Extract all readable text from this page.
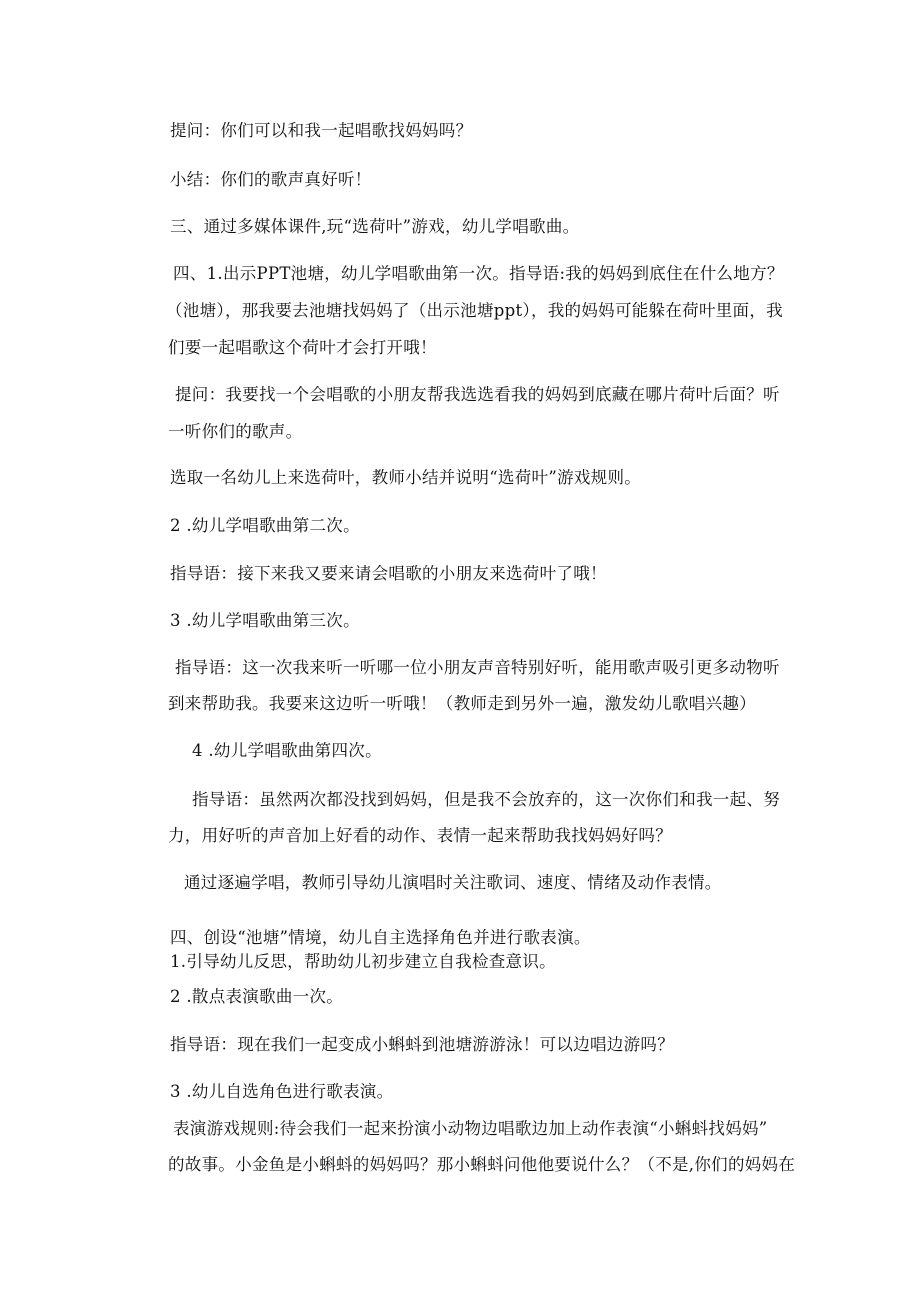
提问：你们可以和我一起唱歌找妈妈吗？
小结：你们的歌声真好听！
三、通过多媒体课件,玩“选荷叶”游戏，幼儿学唱歌曲。
四、1.出示PPT池塘，幼儿学唱歌曲第一次。指导语:我的妈妈到底住在什么地方？
（池塘），那我要去池塘找妈妈了（出示池塘ppt），我的妈妈可能躲在荷叶里面，我
们要一起唱歌这个荷叶才会打开哦！
提问：我要找一个会唱歌的小朋友帮我选选看我的妈妈到底藏在哪片荷叶后面？听
一听你们的歌声。
选取一名幼儿上来选荷叶，教师小结并说明“选荷叶”游戏规则。
2 .幼儿学唱歌曲第二次。
指导语：接下来我又要来请会唱歌的小朋友来选荷叶了哦！
3 .幼儿学唱歌曲第三次。
指导语：这一次我来听一听哪一位小朋友声音特别好听，能用歌声吸引更多动物听
到来帮助我。我要来这边听一听哦！（教师走到另外一遍，激发幼儿歌唱兴趣）
4 .幼儿学唱歌曲第四次。
指导语：虽然两次都没找到妈妈，但是我不会放弃的，这一次你们和我一起、努
力，用好听的声音加上好看的动作、表情一起来帮助我找妈妈好吗？
通过逐遍学唱，教师引导幼儿演唱时关注歌词、速度、情绪及动作表情。
四、创设“池塘”情境，幼儿自主选择角色并进行歌表演。
1.引导幼儿反思，帮助幼儿初步建立自我检查意识。
2 .散点表演歌曲一次。
指导语：现在我们一起变成小蝌蚪到池塘游游泳！可以边唱边游吗？
3 .幼儿自选角色进行歌表演。
表演游戏规则:待会我们一起来扮演小动物边唱歌边加上动作表演“小蝌蚪找妈妈”
的故事。小金鱼是小蝌蚪的妈妈吗？那小蝌蚪问他他要说什么？（不是,你们的妈妈在
